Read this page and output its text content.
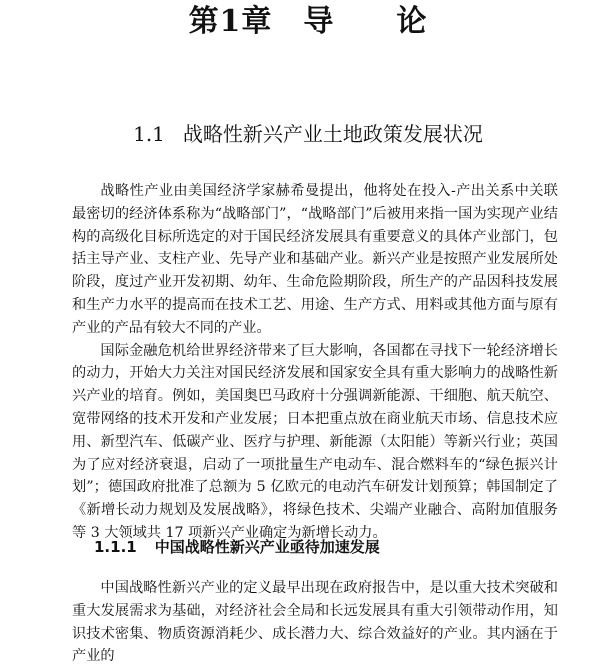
第1章　导　　论
1.1 战略性新兴产业土地政策发展状况

战略性产业由美国经济学家赫希曼提出，他将处在投入-产出关系中关联最密切的经济体系称为“战略部门”，“战略部门”后被用来指一国为实现产业结构的高级化目标所选定的对于国民经济发展具有重要意义的具体产业部门，包括主导产业、支柱产业、先导产业和基础产业。新兴产业是按照产业发展所处阶段，度过产业开发初期、幼年、生命危险期阶段，所生产的产品因科技发展和生产力水平的提高而在技术工艺、用途、生产方式、用料或其他方面与原有产业的产品有较大不同的产业。

国际金融危机给世界经济带来了巨大影响，各国都在寻找下一轮经济增长的动力，开始大力关注对国民经济发展和国家安全具有重大影响力的战略性新兴产业的培育。例如，美国奥巴马政府十分强调新能源、干细胞、航天航空、宽带网络的技术开发和产业发展；日本把重点放在商业航天市场、信息技术应用、新型汽车、低碳产业、医疗与护理、新能源（太阳能）等新兴行业；英国为了应对经济衰退，启动了一项批量生产电动车、混合燃料车的“绿色振兴计划”；德国政府批准了总额为 5 亿欧元的电动汽车研发计划预算；韩国制定了《新增长动力规划及发展战略》，将绿色技术、尖端产业融合、高附加值服务等 3 大领域共 17 项新兴产业确定为新增长动力。

1.1.1 中国战略性新兴产业亟待加速发展

中国战略性新兴产业的定义最早出现在政府报告中，是以重大技术突破和重大发展需求为基础，对经济社会全局和长远发展具有重大引领带动作用，知识技术密集、物质资源消耗少、成长潜力大、综合效益好的产业。其内涵在于产业的
